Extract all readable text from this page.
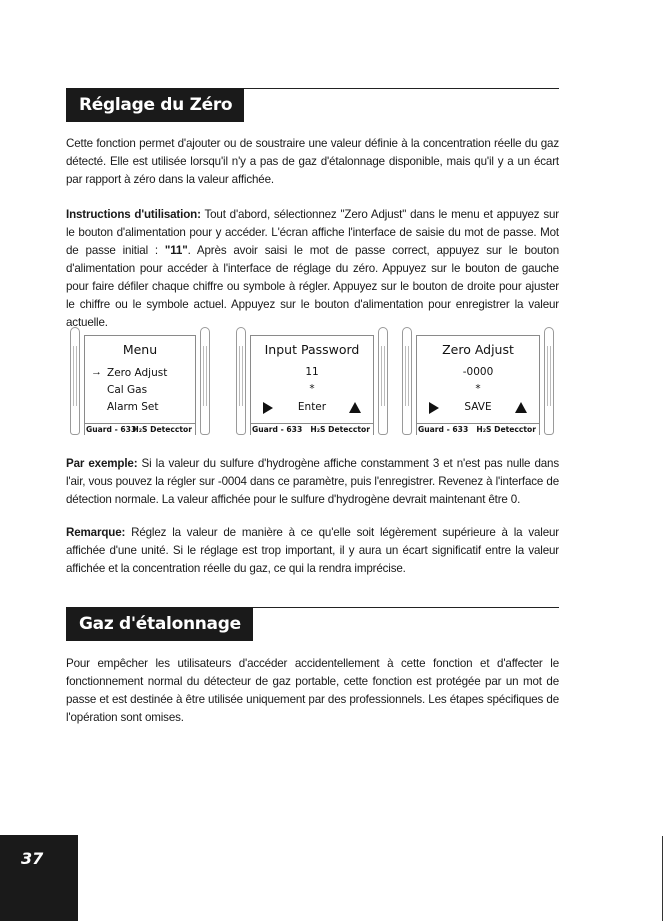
Réglage du Zéro

Cette fonction permet d'ajouter ou de soustraire une valeur définie à la concentration réelle du gaz détecté. Elle est utilisée lorsqu'il n'y a pas de gaz d'étalonnage disponible, mais qu'il y a un écart par rapport à zéro dans la valeur affichée.

Instructions d'utilisation: Tout d'abord, sélectionnez "Zero Adjust" dans le menu et appuyez sur le bouton d'alimentation pour y accéder. L'écran affiche l'interface de saisie du mot de passe. Mot de passe initial : "11". Après avoir saisi le mot de passe correct, appuyez sur le bouton d'alimentation pour accéder à l'interface de réglage du zéro. Appuyez sur le bouton de gauche pour faire défiler chaque chiffre ou symbole à régler. Appuyez sur le bouton de droite pour ajuster le chiffre ou le symbole actuel. Appuyez sur le bouton d'alimentation pour enregistrer la valeur actuelle.

Menu
→ Zero Adjust
Cal Gas
Alarm Set
Guard - 633
H₂S Detecctor
Input Password
11
*
Enter
Guard - 633 H₂S Detecctor
Zero Adjust
-0000
*
SAVE
Guard - 633 H₂S Detecctor

Par exemple: Si la valeur du sulfure d'hydrogène affiche constamment 3 et n'est pas nulle dans l'air, vous pouvez la régler sur -0004 dans ce paramètre, puis l'enregistrer. Revenez à l'interface de détection normale. La valeur affichée pour le sulfure d'hydrogène devrait maintenant être 0.

Remarque: Réglez la valeur de manière à ce qu'elle soit légèrement supérieure à la valeur affichée d'une unité. Si le réglage est trop important, il y aura un écart significatif entre la valeur affichée et la concentration réelle du gaz, ce qui la rendra imprécise.

Gaz d'étalonnage

Pour empêcher les utilisateurs d'accéder accidentellement à cette fonction et d'affecter le fonctionnement normal du détecteur de gaz portable, cette fonction est protégée par un mot de passe et est destinée à être utilisée uniquement par des professionnels. Les étapes spécifiques de l'opération sont omises.

37
